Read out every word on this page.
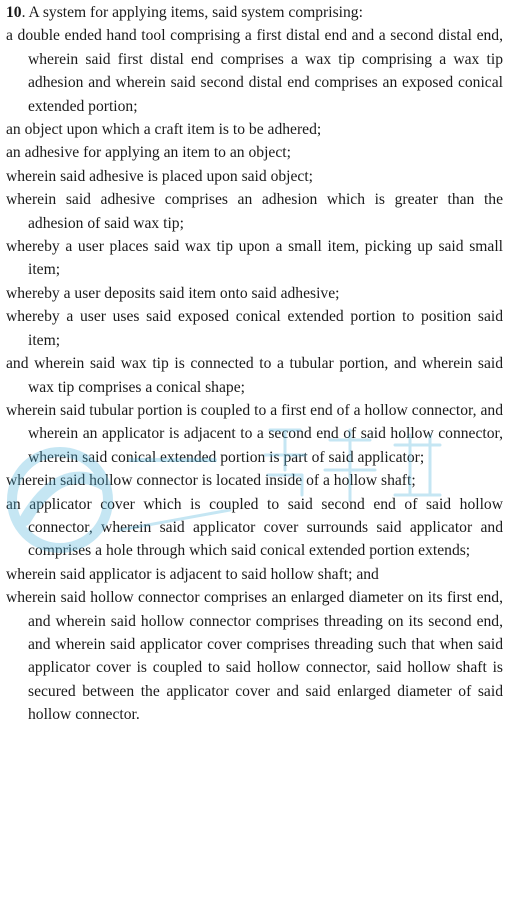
10. A system for applying items, said system comprising:

a double ended hand tool comprising a first distal end and a second distal end, wherein said first distal end comprises a wax tip comprising a wax tip adhesion and wherein said second distal end comprises an exposed conical extended portion;

an object upon which a craft item is to be adhered;

an adhesive for applying an item to an object;

wherein said adhesive is placed upon said object;

wherein said adhesive comprises an adhesion which is greater than the adhesion of said wax tip;

whereby a user places said wax tip upon a small item, picking up said small item;

whereby a user deposits said item onto said adhesive;

whereby a user uses said exposed conical extended portion to position said item;

and wherein said wax tip is connected to a tubular portion, and wherein said wax tip comprises a conical shape;

wherein said tubular portion is coupled to a first end of a hollow connector, and wherein an applicator is adjacent to a second end of said hollow connector, wherein said conical extended portion is part of said applicator;

wherein said hollow connector is located inside of a hollow shaft;

an applicator cover which is coupled to said second end of said hollow connector, wherein said applicator cover surrounds said applicator and comprises a hole through which said conical extended portion extends;

wherein said applicator is adjacent to said hollow shaft; and

wherein said hollow connector comprises an enlarged diameter on its first end, and wherein said hollow connector comprises threading on its second end, and wherein said applicator cover comprises threading such that when said applicator cover is coupled to said hollow connector, said hollow shaft is secured between the applicator cover and said enlarged diameter of said hollow connector.
